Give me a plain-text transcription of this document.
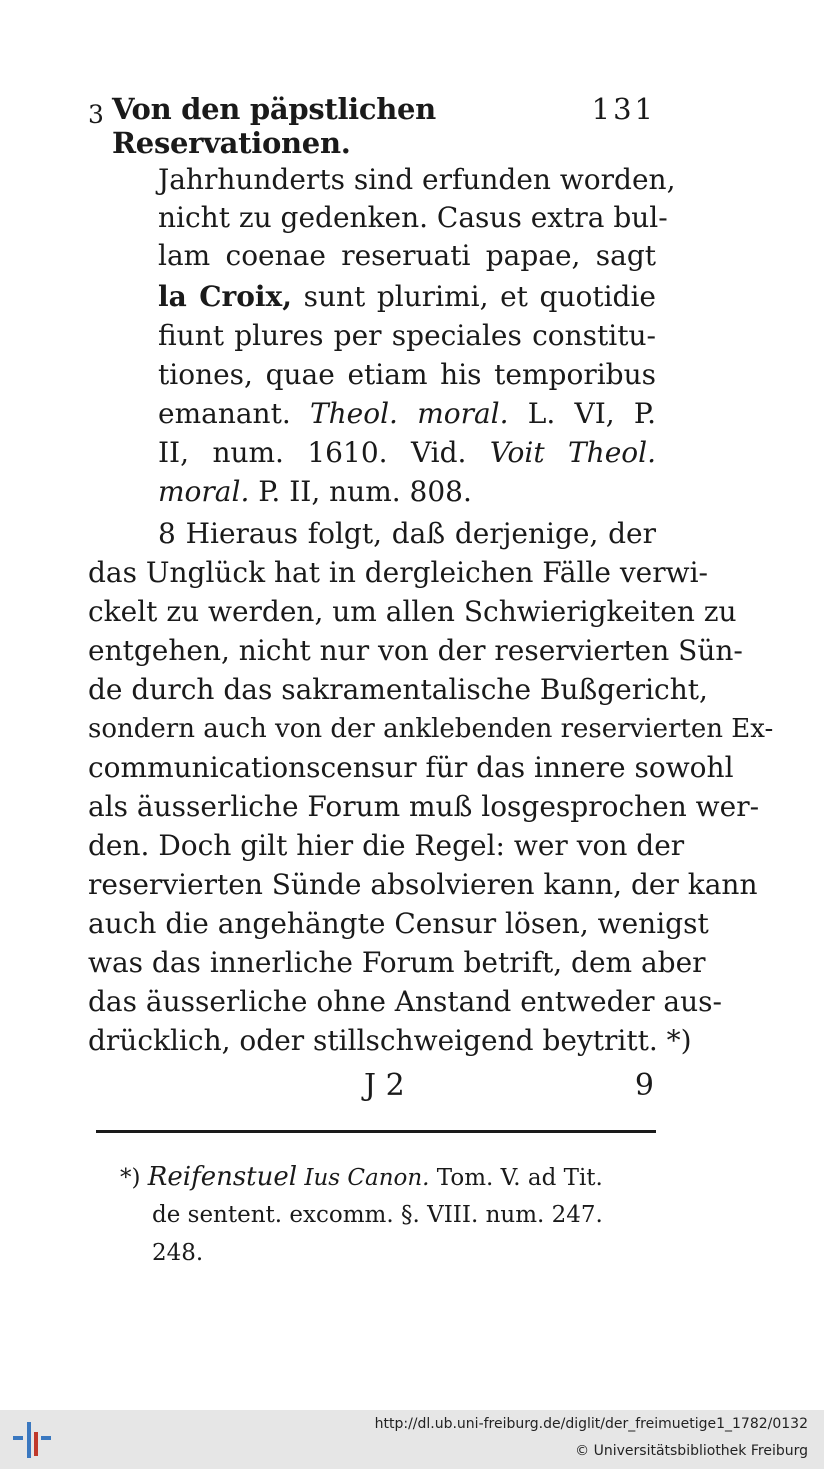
3 Von den päpstlichen Reservationen.
131
Jahrhunderts sind erfunden worden,
nicht zu gedenken. Casus extra bul-
lam coenae reseruati papae, sagt
la Croix, sunt plurimi, et quotidie
fiunt plures per speciales constitu-
tiones, quae etiam his temporibus
emanant. Theol. moral. L. VI, P.
II, num. 1610. Vid. Voit Theol.
moral. P. II, num. 808.
8 Hieraus folgt, daß derjenige, der
das Unglück hat in dergleichen Fälle verwi-
ckelt zu werden, um allen Schwierigkeiten zu
entgehen, nicht nur von der reservierten Sün-
de durch das sakramentalische Bußgericht,
sondern auch von der anklebenden reservierten Ex-
communicationscensur für das innere sowohl
als äusserliche Forum muß losgesprochen wer-
den. Doch gilt hier die Regel: wer von der
reservierten Sünde absolvieren kann, der kann
auch die angehängte Censur lösen, wenigst
was das innerliche Forum betrift, dem aber
das äusserliche ohne Anstand entweder aus-
drücklich, oder stillschweigend beytritt. *)
J 2	9
*) Reifenstuel Ius Canon. Tom. V. ad Tit.
de sentent. excomm. §. VIII. num. 247.
248.
http://dl.ub.uni-freiburg.de/diglit/der_freimuetige1_1782/0132
© Universitätsbibliothek Freiburg
